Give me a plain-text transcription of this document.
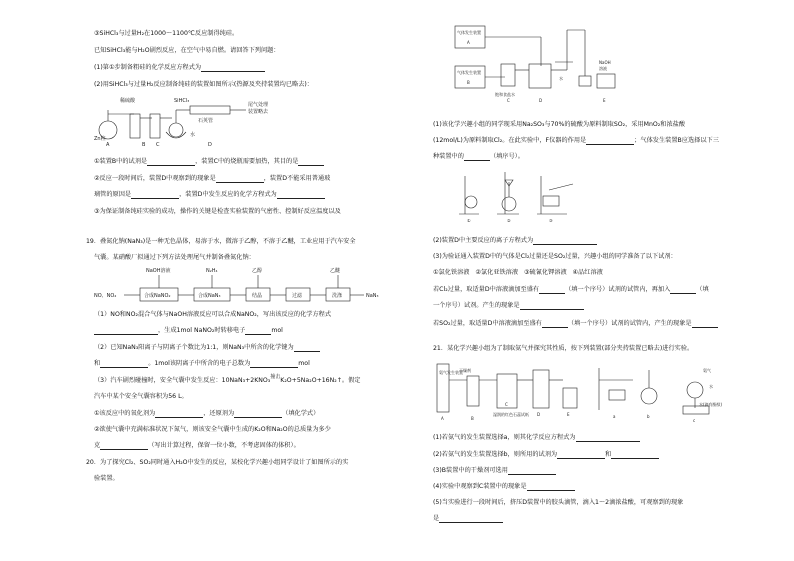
③SiHCl₃与过量H₂在1000～1100℃反应制得纯硅。
已知SiHCl₃能与H₂O剧烈反应，在空气中易自燃。请回答下列问题：
(1)第①步制备粗硅的化学反应方程式为
(2)用SiHCl₃与过量H₂反应制备纯硅的装置如图所示(热源及夹持装置均已略去)：
稀硫酸	SiHCl₃
Zn粒
水
石英管
尾气处理
装置略去
A	B C	D
①装置B中的试剂是	，装置C中的烧瓶需要加热，其目的是
②反应一段时间后，装置D中观察到的现象是	，装置D不能采用普通玻
璃管的原因是	，装置D中发生反应的化学方程式为
③为保证制备纯硅实验的成功，操作的关键是检查实验装置的气密性、控制好反应温度以及
19．叠氮化钠(NaN₃)是一种无色晶体，易溶于水，微溶于乙醇，不溶于乙醚，工业应用于汽车安全
气囊。某硝酸厂拟通过下列方法处理尾气并制备叠氮化钠：
NO、NO₂	合成NaNO₂	合成NaN₃	结晶	过滤	洗涤	NaN₃
NaOH溶液	N₂H₄	乙醇	乙醚
（1）NO和NO₂混合气体与NaOH溶液反应可以合成NaNO₂，写出该反应的化学方程式
，生成1mol NaNO₂时转移电子	mol
（2）已知NaN₃阳离子与阴离子个数比为1:1，则NaN₃中所含的化学键为
和	。1mol该阴离子中所含的电子总数为	mol
（3）汽车剧烈碰撞时，安全气囊中发生反应：10NaN₃+2KNO₃$^{撞击}$K₂O+5Na₂O+16N₂↑。假定
汽车中某个安全气囊容积为56 L。
①该反应中的氧化剂为	，还原剂为	（填化学式）
②欲使气囊中充满标准状况下氮气，则该安全气囊中生成的K₂O和Na₂O的总质量为多少
克	（写出计算过程，保留一位小数，不考虑固体的体积）。
20．为了探究Cl₂、SO₂同时通入H₂O中发生的反应，某校化学兴趣小组同学设计了如图所示的实
验装置。
气体发生装置
A
气体发生装置
B
饱和食盐水
水
NaOH
溶液
C	D	E
(1)该化学兴趣小组的同学现采用Na₂SO₃与70%的硫酸为原料制取SO₂，采用MnO₂和浓盐酸
(12mol/L)为原料制取Cl₂。在此实验中，F仪器的作用是	；气体发生装置B应选择以下三
种装置中的	（填序号）。
①	②	③
(2)装置D中主要反应的离子方程式为
(3)为验证通入装置D中的气体是Cl₂过量还是SO₂过量，兴趣小组的同学准备了以下试剂：
①氯化铁溶液 ②氯化亚铁溶液 ③硫氰化钾溶液 ④品红溶液
若Cl₂过量，取适量D中溶液滴加至盛有	（填一个序号）试剂的试管内，再加入	（填
一个序号）试剂。产生的现象是
若SO₂过量，取适量D中溶液滴加至盛有	（填一个序号）试剂的试管内，产生的现象是
21．某化学兴趣小组为了制取氨气并探究其性质，按下列装置(部分夹持装置已略去)进行实验。
氨气发生装置
干燥剂
湿润的红色石蕊试纸
A	B
C
D	E	a	b
氨气
水
水(滴有酚酞)
c
(1)若氨气的发生装置选择a，则其化学反应方程式为
(2)若氨气的发生装置选择b，则所用的试剂为	和
(3)B装置中的干燥剂可选用
(4)实验中观察到C装置中的现象是
(5)当实验进行一段时间后，挤压D装置中的胶头滴管，滴入1～2滴浓盐酸，可观察到的现象
是
